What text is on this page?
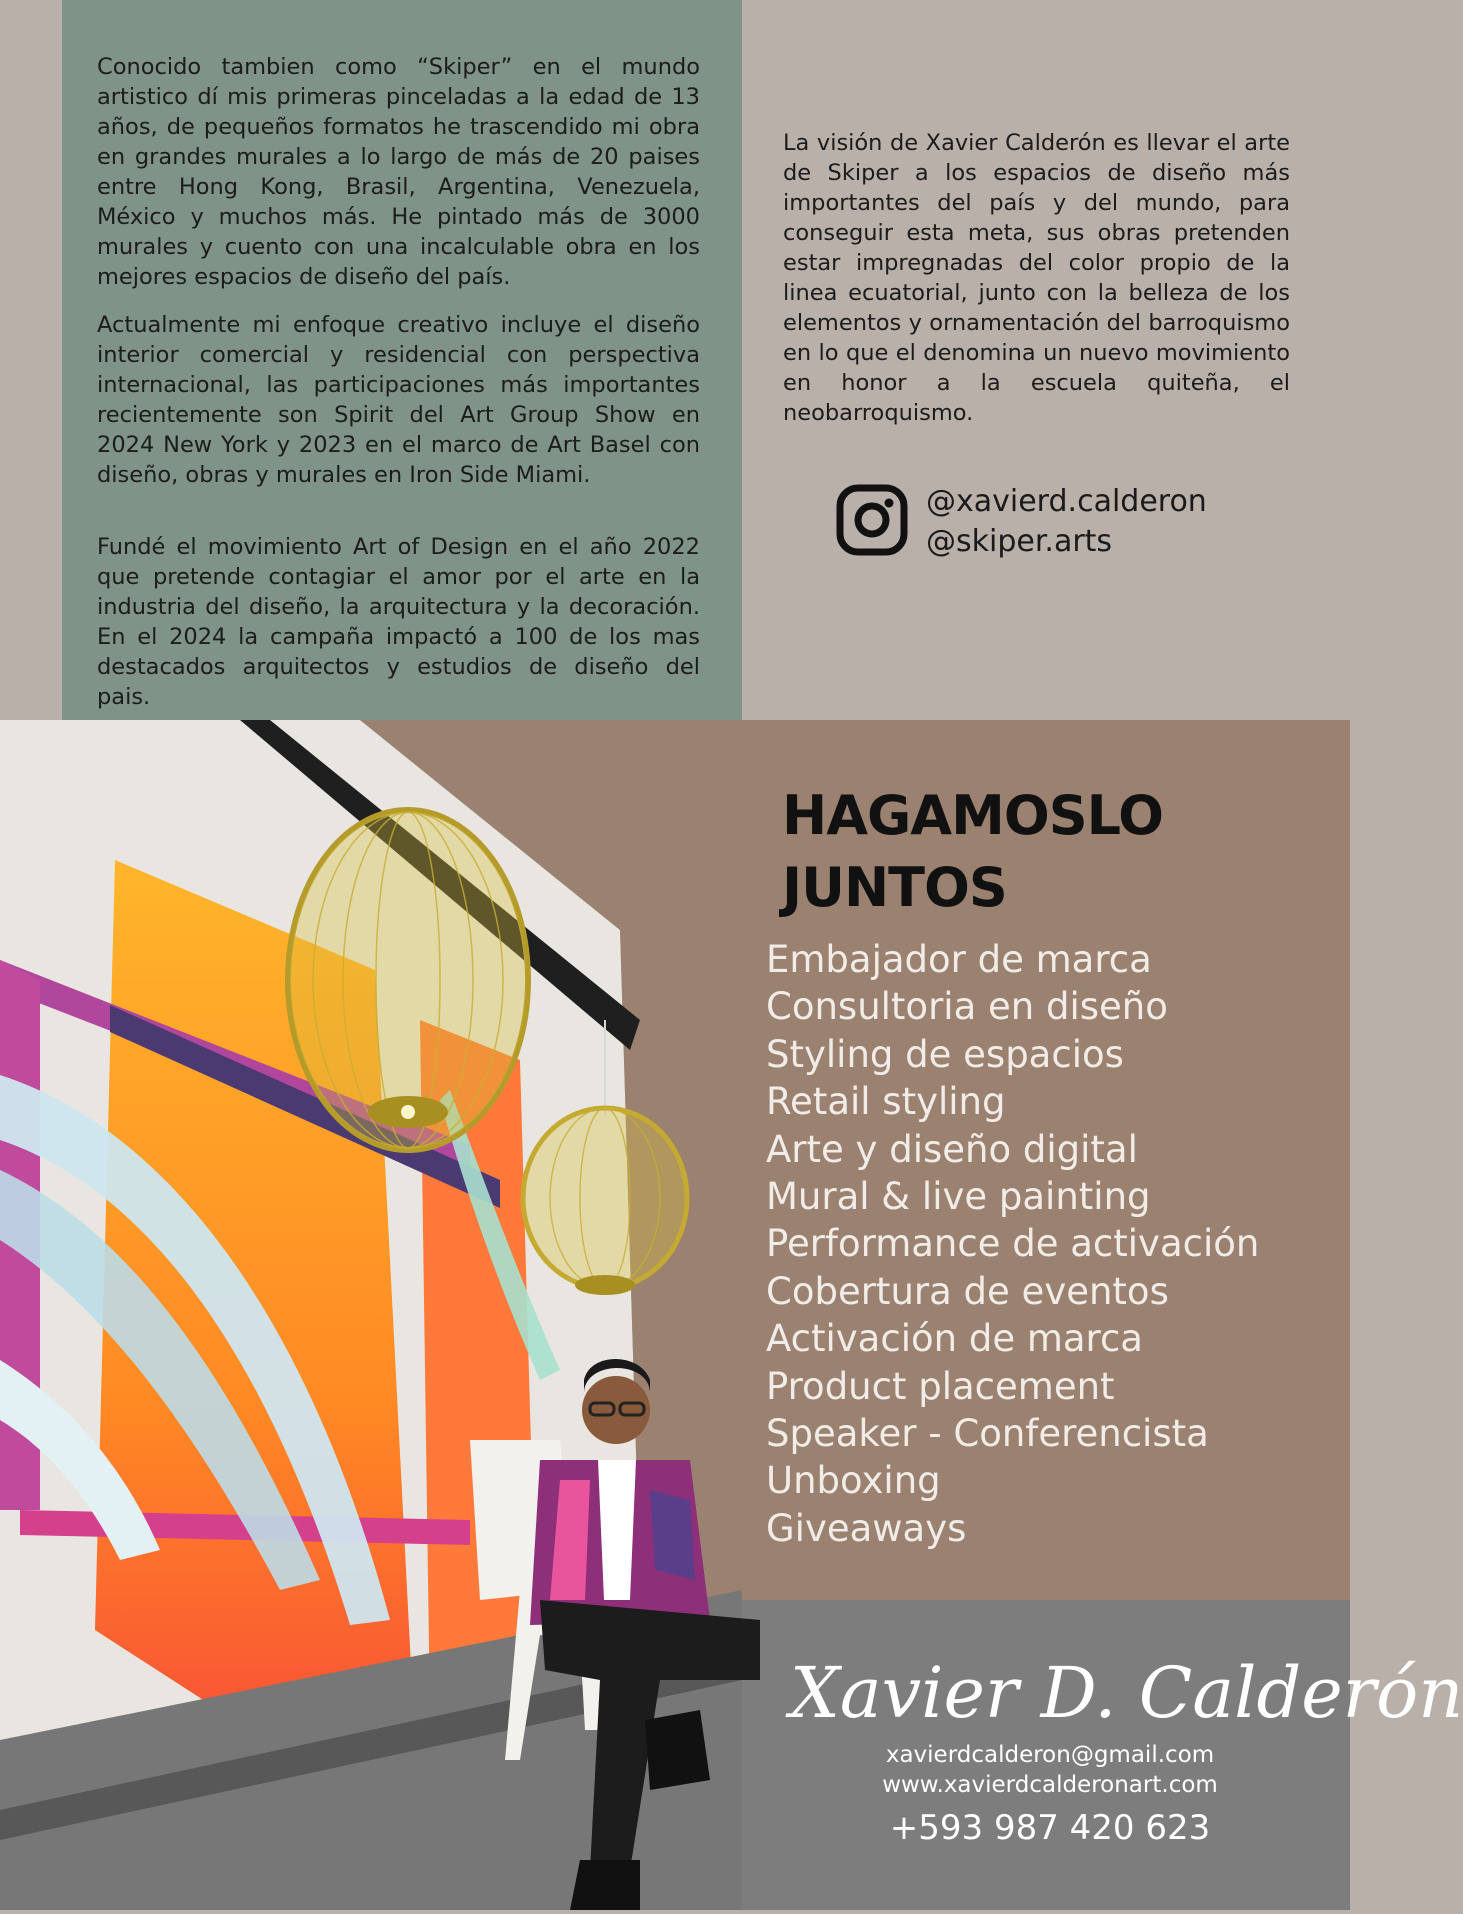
Conocido tambien como “Skiper” en el mundo artistico dí mis primeras pinceladas a la edad de 13 años, de pequeños formatos he trascendido mi obra en grandes murales a lo largo de más de 20 paises entre Hong Kong, Brasil, Argentina, Venezuela, México y muchos más. He pintado más de 3000 murales y cuento con una incalculable obra en los mejores espacios de diseño del país.

Actualmente mi enfoque creativo incluye el diseño interior comercial y residencial con perspectiva internacional, las participaciones más importantes recientemente son Spirit del Art Group Show en 2024 New York y 2023 en el marco de Art Basel con diseño, obras y murales en Iron Side Miami.

Fundé el movimiento Art of Design en el año 2022 que pretende contagiar el amor por el arte en la industria del diseño, la arquitectura y la decoración. En el 2024 la campaña impactó a 100 de los mas destacados arquitectos y estudios de diseño del pais.

La visión de Xavier Calderón es llevar el arte de Skiper a los espacios de diseño más importantes del país y del mundo, para conseguir esta meta, sus obras pretenden estar impregnadas del color propio de la linea ecuatorial, junto con la belleza de los elementos y ornamentación del barroquismo en lo que el denomina un nuevo movimiento en honor a la escuela quiteña, el neobarroquismo.

@xavierd.calderon
@skiper.arts
HAGAMOSLO
JUNTOS
Embajador de marca
Consultoria en diseño
Styling de espacios
Retail styling
Arte y diseño digital
Mural & live painting
Performance de activación
Cobertura de eventos
Activación de marca
Product placement
Speaker - Conferencista
Unboxing
Giveaways
Xavier D. Calderón
xavierdcalderon@gmail.com
www.xavierdcalderonart.com
+593 987 420 623
